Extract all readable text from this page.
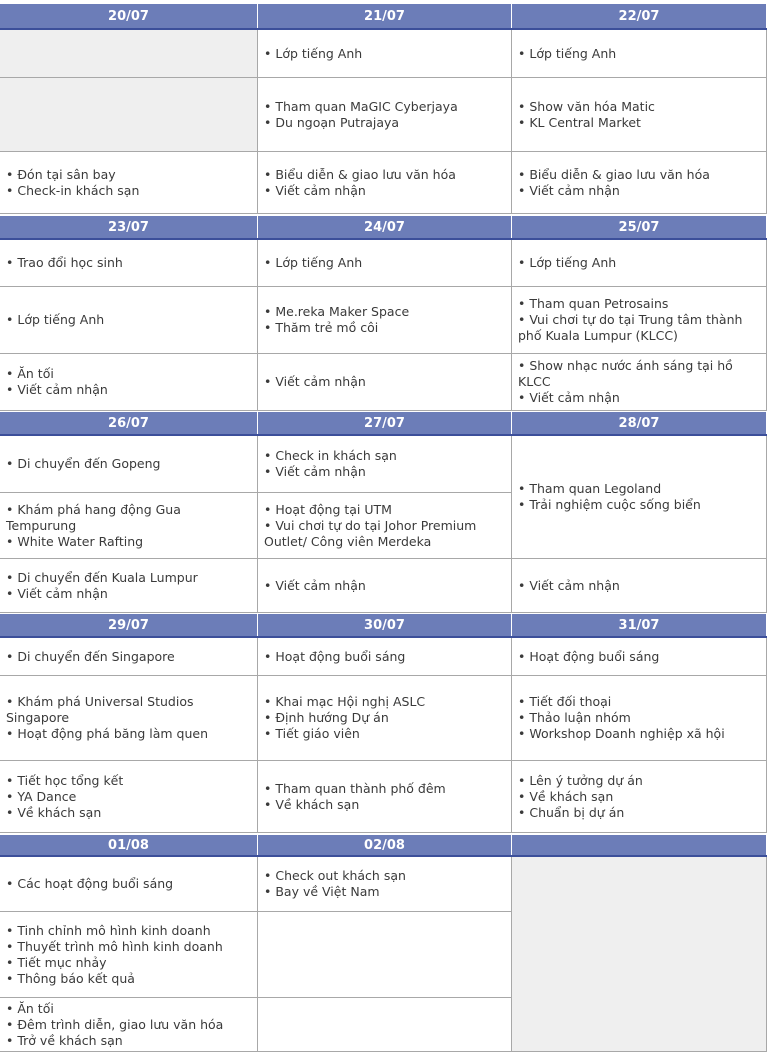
20/07
• Đón tại sân bay
• Check-in khách sạn
21/07
• Lớp tiếng Anh
• Tham quan MaGIC Cyberjaya
• Du ngoạn Putrajaya
• Biểu diễn & giao lưu văn hóa
• Viết cảm nhận
22/07
• Lớp tiếng Anh
• Show văn hóa Matic
• KL Central Market
• Biểu diễn & giao lưu văn hóa
• Viết cảm nhận
23/07
• Trao đổi học sinh
• Lớp tiếng Anh
• Ăn tối
• Viết cảm nhận
24/07
• Lớp tiếng Anh
• Me.reka Maker Space
• Thăm trẻ mồ côi
• Viết cảm nhận
25/07
• Lớp tiếng Anh
• Tham quan Petrosains
• Vui chơi tự do tại Trung tâm thành phố Kuala Lumpur (KLCC)
• Show nhạc nước ánh sáng tại hồ KLCC
• Viết cảm nhận
26/07
• Di chuyển đến Gopeng
• Khám phá hang động Gua Tempurung
• White Water Rafting
• Di chuyển đến Kuala Lumpur
• Viết cảm nhận
27/07
• Check in khách sạn
• Viết cảm nhận
• Hoạt động tại UTM
• Vui chơi tự do tại Johor Premium Outlet/ Công viên Merdeka
• Viết cảm nhận
28/07
• Tham quan Legoland
• Trải nghiệm cuộc sống biển
• Viết cảm nhận
29/07
• Di chuyển đến Singapore
• Khám phá Universal Studios Singapore
• Hoạt động phá băng làm quen
• Tiết học tổng kết
• YA Dance
• Về khách sạn
30/07
• Hoạt động buổi sáng
• Khai mạc Hội nghị ASLC
• Định hướng Dự án
• Tiết giáo viên
• Tham quan thành phố đêm
• Về khách sạn
31/07
• Hoạt động buổi sáng
• Tiết đối thoại
• Thảo luận nhóm
• Workshop Doanh nghiệp xã hội
• Lên ý tưởng dự án
• Về khách sạn
• Chuẩn bị dự án
01/08
• Các hoạt động buổi sáng
• Tinh chỉnh mô hình kinh doanh
• Thuyết trình mô hình kinh doanh
• Tiết mục nhảy
• Thông báo kết quả
• Ăn tối
• Đêm trình diễn, giao lưu văn hóa
• Trở về khách sạn
02/08
• Check out khách sạn
• Bay về Việt Nam
